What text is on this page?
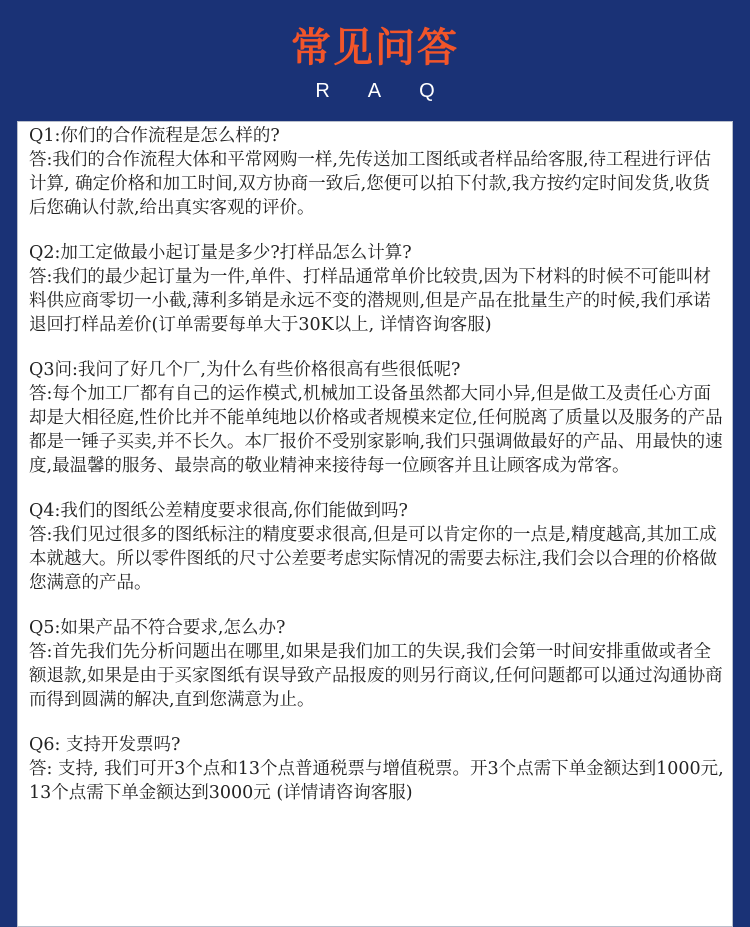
常见问答
RAQ

Q1:你们的合作流程是怎么样的?

答:我们的合作流程大体和平常网购一样,先传送加工图纸或者样品给客服,待工程进行评估计算, 确定价格和加工时间,双方协商一致后,您便可以拍下付款,我方按约定时间发货,收货后您确认付款,给出真实客观的评价。

Q2:加工定做最小起订量是多少?打样品怎么计算?

答:我们的最少起订量为一件,单件、打样品通常单价比较贵,因为下材料的时候不可能叫材料供应商零切一小截,薄利多销是永远不变的潜规则,但是产品在批量生产的时候,我们承诺退回打样品差价(订单需要每单大于30K以上, 详情咨询客服)

Q3问:我问了好几个厂,为什么有些价格很高有些很低呢?

答:每个加工厂都有自己的运作模式,机械加工设备虽然都大同小异,但是做工及责任心方面却是大相径庭,性价比并不能单纯地以价格或者规模来定位,任何脱离了质量以及服务的产品都是一锤子买卖,并不长久。本厂报价不受别家影响,我们只强调做最好的产品、用最快的速度,最温馨的服务、最崇高的敬业精神来接待每一位顾客并且让顾客成为常客。

Q4:我们的图纸公差精度要求很高,你们能做到吗?

答:我们见过很多的图纸标注的精度要求很高,但是可以肯定你的一点是,精度越高,其加工成本就越大。所以零件图纸的尺寸公差要考虑实际情况的需要去标注,我们会以合理的价格做您满意的产品。

Q5:如果产品不符合要求,怎么办?

答:首先我们先分析问题出在哪里,如果是我们加工的失误,我们会第一时间安排重做或者全额退款,如果是由于买家图纸有误导致产品报废的则另行商议,任何问题都可以通过沟通协商而得到圆满的解决,直到您满意为止。

Q6: 支持开发票吗?

答: 支持, 我们可开3个点和13个点普通税票与增值税票。开3个点需下单金额达到1000元, 13个点需下单金额达到3000元 (详情请咨询客服)
